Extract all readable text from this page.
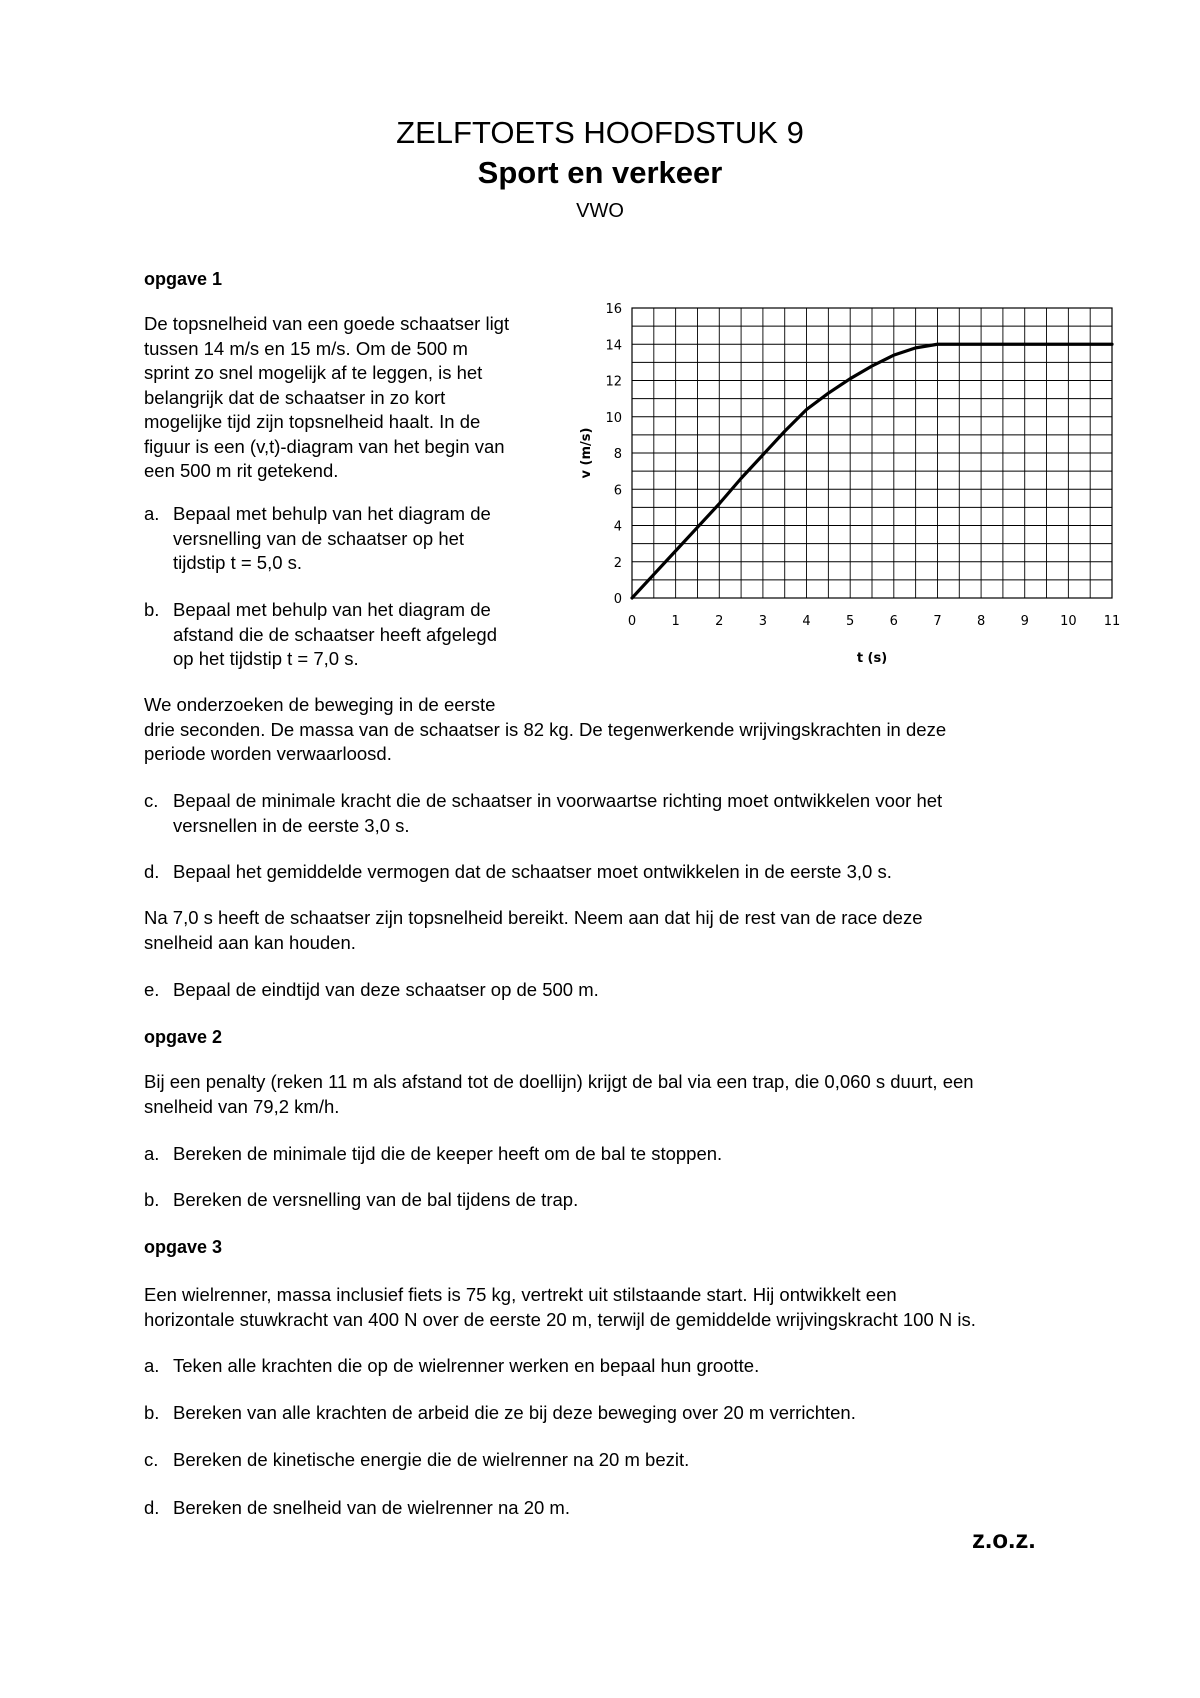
ZELFTOETS HOOFDSTUK 9
Sport en verkeer
VWO
opgave 1
De topsnelheid van een goede schaatser ligt
tussen 14 m/s en 15 m/s. Om de 500 m
sprint zo snel mogelijk af te leggen, is het
belangrijk dat de schaatser in zo kort
mogelijke tijd zijn topsnelheid haalt. In de
figuur is een (v,t)-diagram van het begin van
een 500 m rit getekend.
a. Bepaal met behulp van het diagram de
versnelling van de schaatser op het
tijdstip t = 5,0 s.
b. Bepaal met behulp van het diagram de
afstand die de schaatser heeft afgelegd
op het tijdstip t = 7,0 s.
We onderzoeken de beweging in de eerste
drie seconden. De massa van de schaatser is 82 kg. De tegenwerkende wrijvingskrachten in deze
periode worden verwaarloosd.
c. Bepaal de minimale kracht die de schaatser in voorwaartse richting moet ontwikkelen voor het
versnellen in de eerste 3,0 s.
d. Bepaal het gemiddelde vermogen dat de schaatser moet ontwikkelen in de eerste 3,0 s.
Na 7,0 s heeft de schaatser zijn topsnelheid bereikt. Neem aan dat hij de rest van de race deze
snelheid aan kan houden.
e. Bepaal de eindtijd van deze schaatser op de 500 m.
opgave 2
Bij een penalty (reken 11 m als afstand tot de doellijn) krijgt de bal via een trap, die 0,060 s duurt, een
snelheid van 79,2 km/h.
a. Bereken de minimale tijd die de keeper heeft om de bal te stoppen.
b. Bereken de versnelling van de bal tijdens de trap.
opgave 3
Een wielrenner, massa inclusief fiets is 75 kg, vertrekt uit stilstaande start. Hij ontwikkelt een
horizontale stuwkracht van 400 N over de eerste 20 m, terwijl de gemiddelde wrijvingskracht 100 N is.
a. Teken alle krachten die op de wielrenner werken en bepaal hun grootte.
b. Bereken van alle krachten de arbeid die ze bij deze beweging over 20 m verrichten.
c. Bereken de kinetische energie die de wielrenner na 20 m bezit.
d. Bereken de snelheid van de wielrenner na 20 m.
z.o.z.
0	1	2	3	4	5	6	7	8	9 10 11
0
2
4
6
8
10
12
14
16
t (s)
v (m/s)
